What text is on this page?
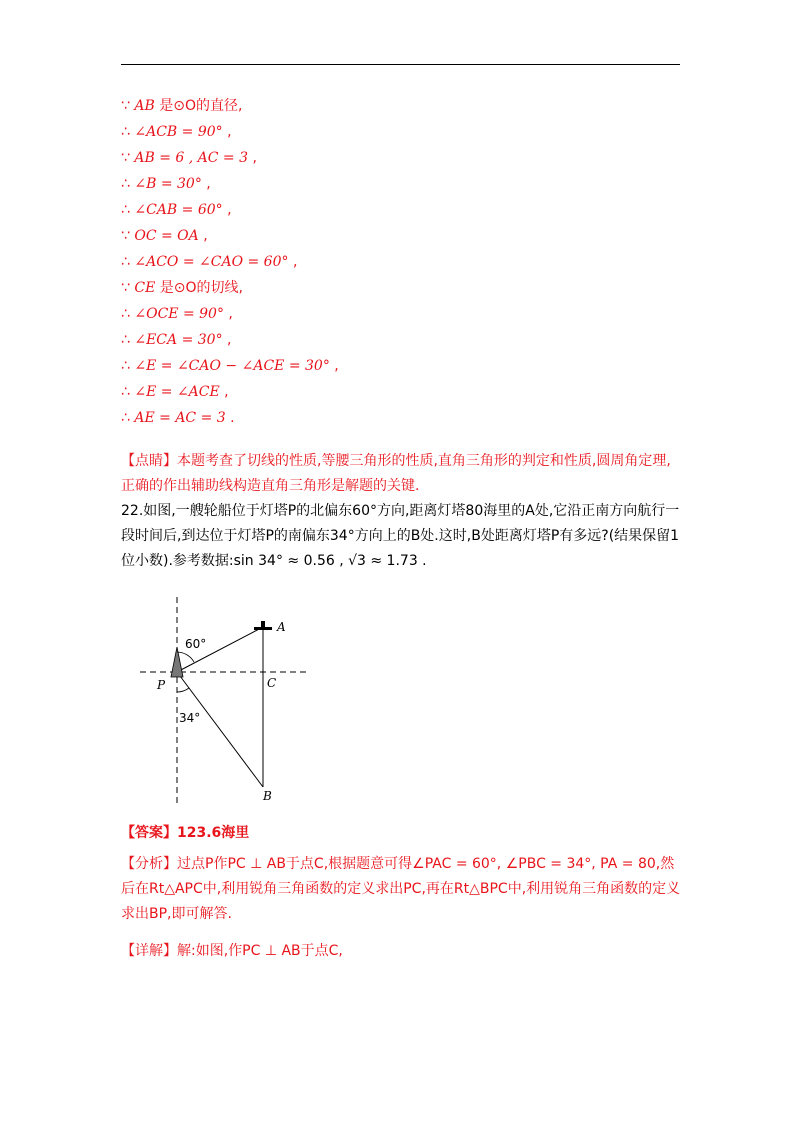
∵ AB 是⊙O的直径,
∴ ∠ACB = 90° ,
∵ AB = 6 , AC = 3 ,
∴ ∠B = 30° ,
∴ ∠CAB = 60° ,
∵ OC = OA ,
∴ ∠ACO = ∠CAO = 60° ,
∵ CE 是⊙O的切线,
∴ ∠OCE = 90° ,
∴ ∠ECA = 30° ,
∴ ∠E = ∠CAO − ∠ACE = 30° ,
∴ ∠E = ∠ACE ,
∴ AE = AC = 3 .
【点睛】本题考查了切线的性质,等腰三角形的性质,直角三角形的判定和性质,圆周角定理,正确的作出辅助线构造直角三角形是解题的关键.
22.如图,一艘轮船位于灯塔P的北偏东60°方向,距离灯塔80海里的A处,它沿正南方向航行一段时间后,到达位于灯塔P的南偏东34°方向上的B处.这时,B处距离灯塔P有多远?(结果保留1位小数).参考数据:sin 34° ≈ 0.56 , √3 ≈ 1.73 .
60°
34°
A
P	C
B
【答案】123.6海里
【分析】过点P作PC ⊥ AB于点C,根据题意可得∠PAC = 60°, ∠PBC = 34°, PA = 80,然后在Rt△APC中,利用锐角三角函数的定义求出PC,再在Rt△BPC中,利用锐角三角函数的定义求出BP,即可解答.
【详解】解:如图,作PC ⊥ AB于点C,
